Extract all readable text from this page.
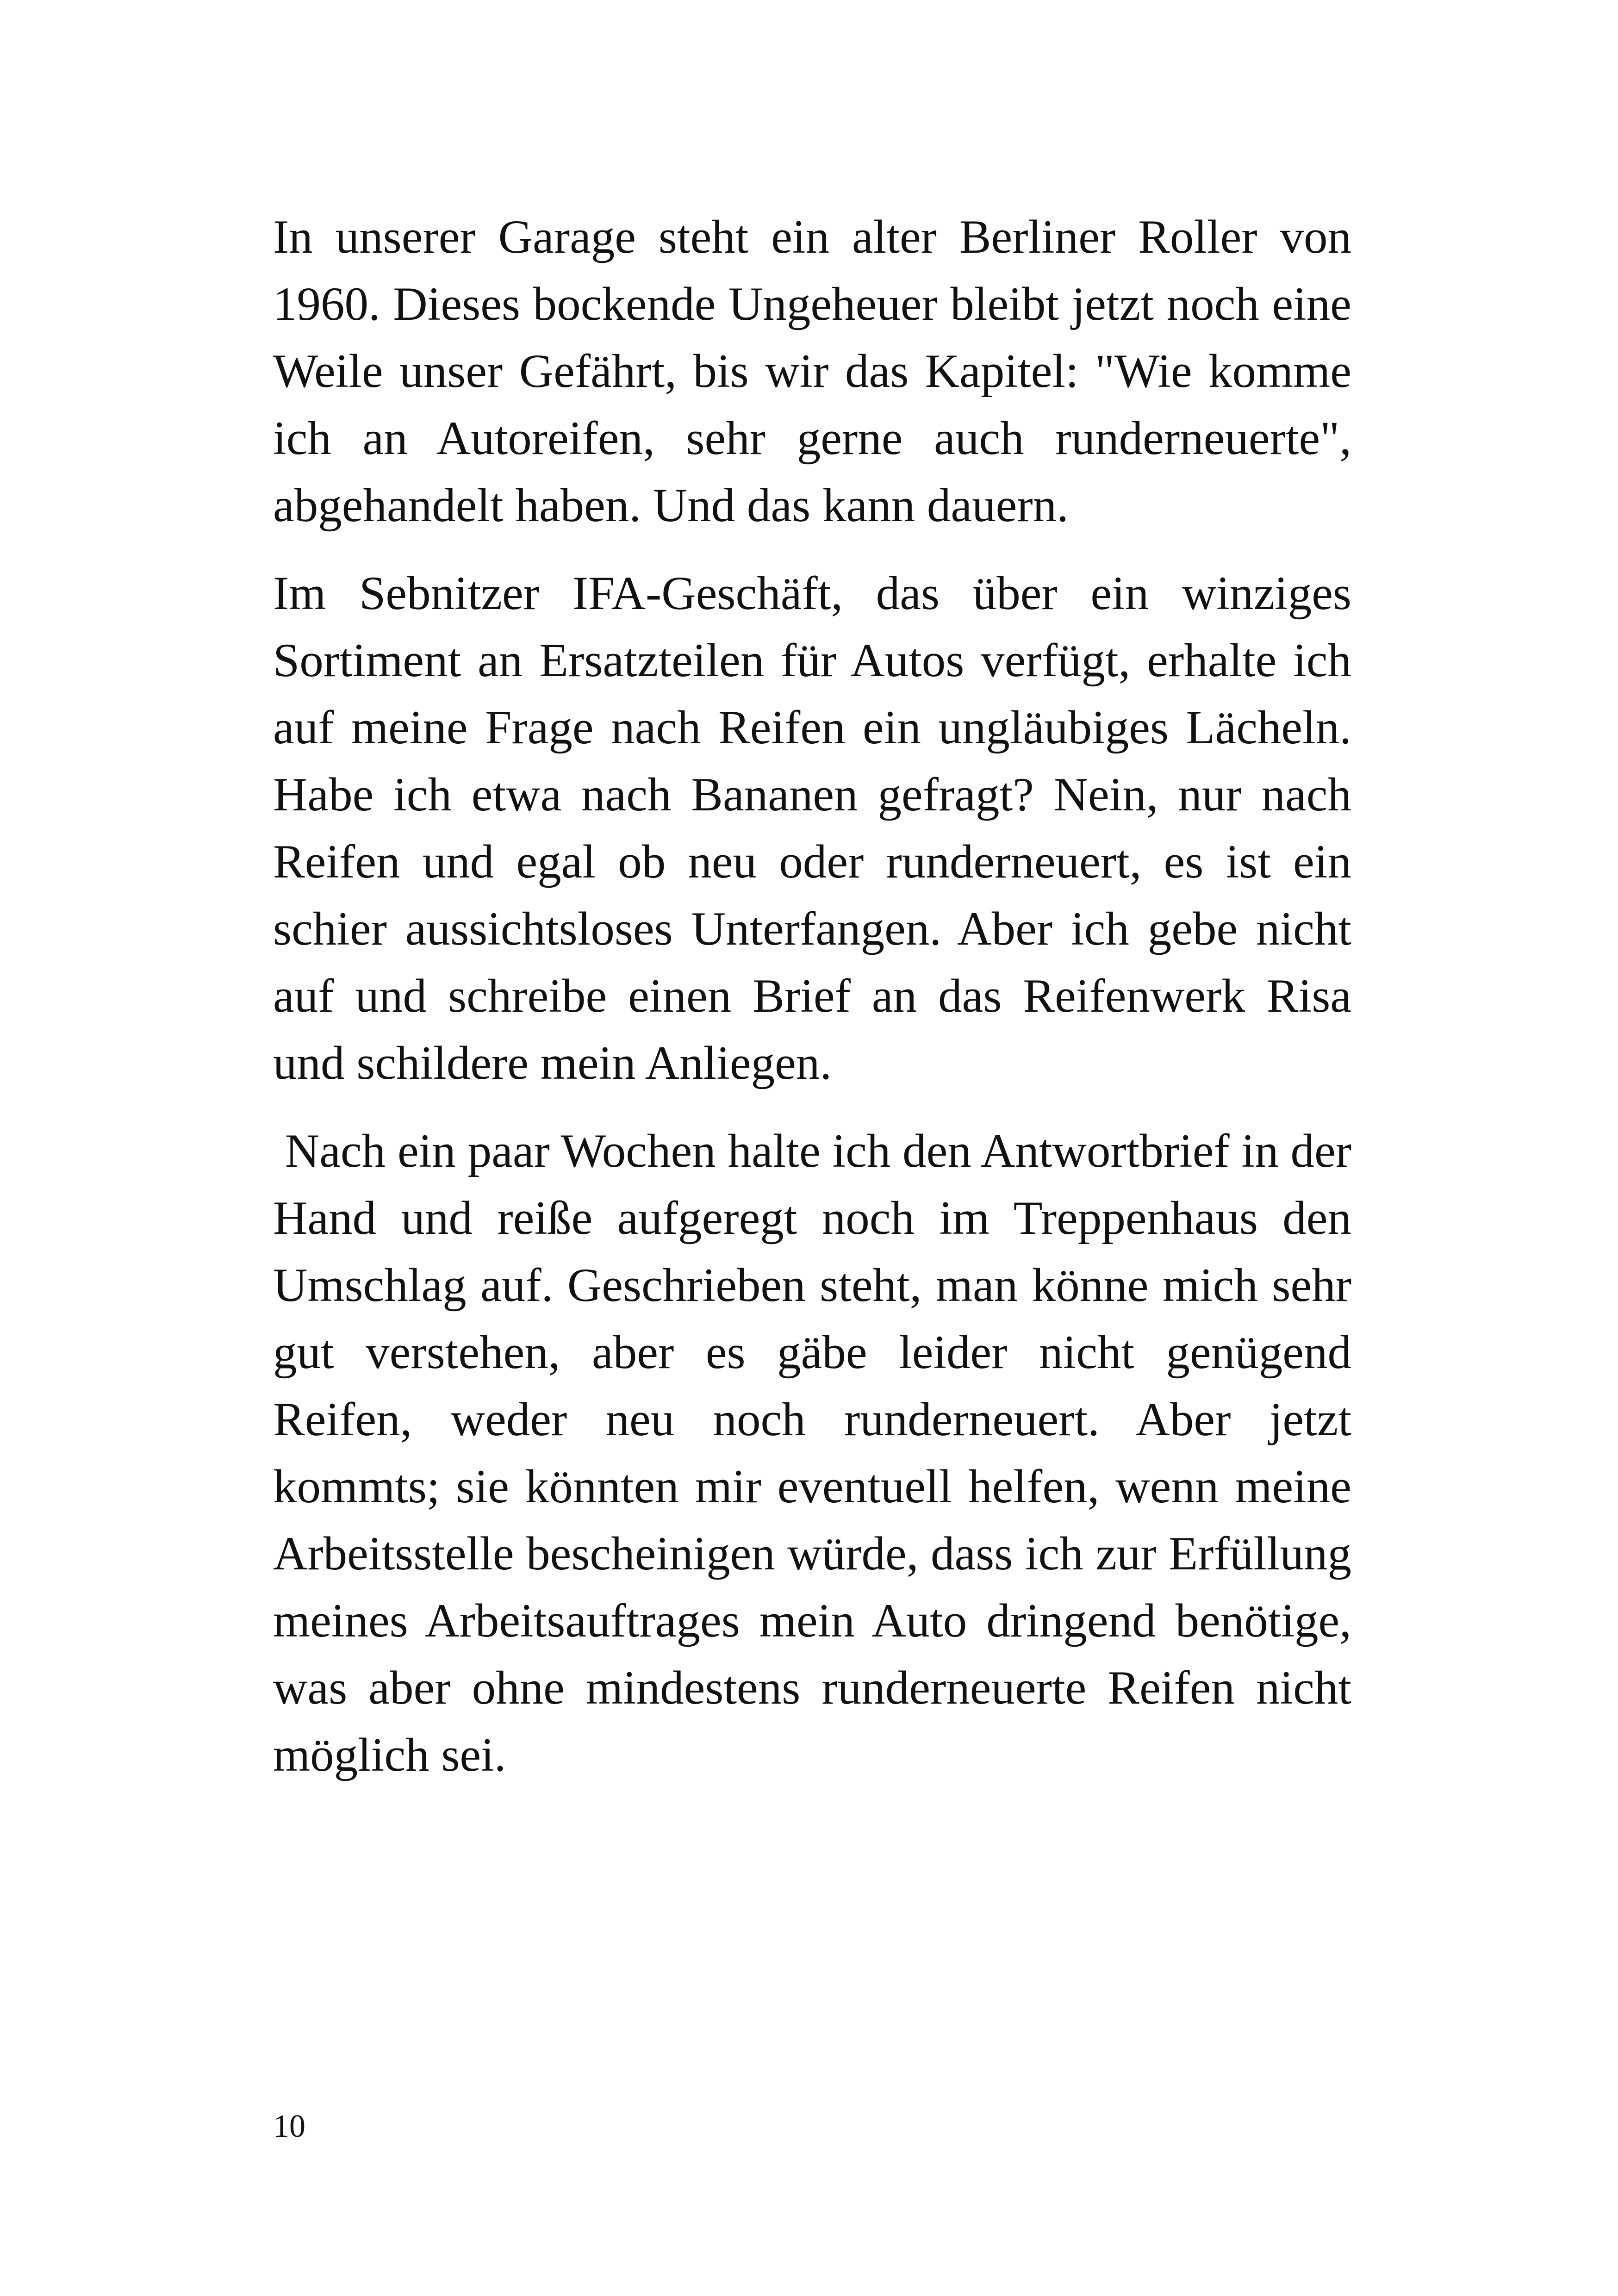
In unserer Garage steht ein alter Berliner Roller von 1960. Dieses bockende Ungeheuer bleibt jetzt noch eine Weile unser Gefährt, bis wir das Kapitel: "Wie komme ich an Autoreifen, sehr gerne auch runderneuerte", abgehandelt haben. Und das kann dauern.

Im Sebnitzer IFA-Geschäft, das über ein winziges Sortiment an Ersatzteilen für Autos verfügt, erhalte ich auf meine Frage nach Reifen ein ungläubiges Lächeln. Habe ich etwa nach Bananen gefragt? Nein, nur nach Reifen und egal ob neu oder runderneuert, es ist ein schier aussichtsloses Unterfangen. Aber ich gebe nicht auf und schreibe einen Brief an das Reifenwerk Risa und schildere mein Anliegen.

Nach ein paar Wochen halte ich den Antwortbrief in der Hand und reiße aufgeregt noch im Treppenhaus den Umschlag auf. Geschrieben steht, man könne mich sehr gut verstehen, aber es gäbe leider nicht genügend Reifen, weder neu noch runderneuert. Aber jetzt kommts; sie könnten mir eventuell helfen, wenn meine Arbeitsstelle bescheinigen würde, dass ich zur Erfüllung meines Arbeitsauftrages mein Auto dringend benötige, was aber ohne mindestens runderneuerte Reifen nicht möglich sei.

10
